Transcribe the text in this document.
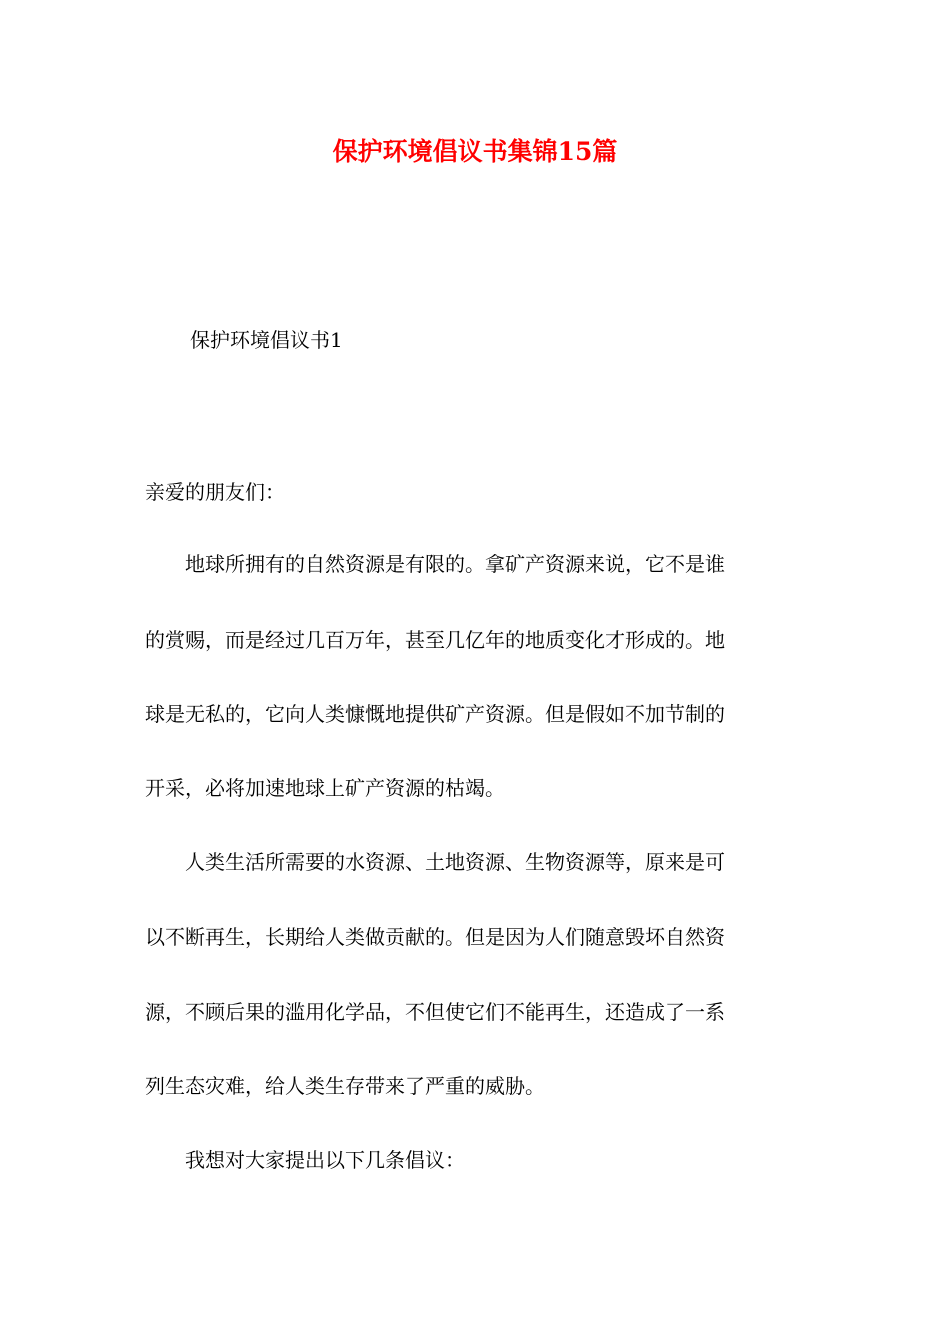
保护环境倡议书集锦15篇
保护环境倡议书1
亲爱的朋友们：
　　地球所拥有的自然资源是有限的。拿矿产资源来说，它不是谁
的赏赐，而是经过几百万年，甚至几亿年的地质变化才形成的。地
球是无私的，它向人类慷慨地提供矿产资源。但是假如不加节制的
开采，必将加速地球上矿产资源的枯竭。
　　人类生活所需要的水资源、土地资源、生物资源等，原来是可
以不断再生，长期给人类做贡献的。但是因为人们随意毁坏自然资
源，不顾后果的滥用化学品，不但使它们不能再生，还造成了一系
列生态灾难，给人类生存带来了严重的威胁。
　　我想对大家提出以下几条倡议：
